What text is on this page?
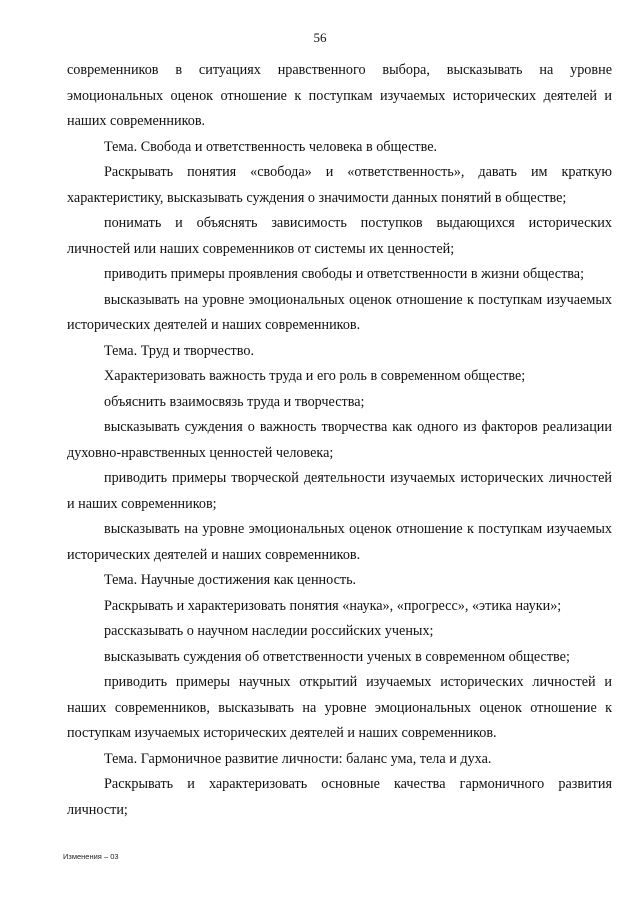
56

современников в ситуациях нравственного выбора, высказывать на уровне эмоциональных оценок отношение к поступкам изучаемых исторических деятелей и наших современников.

Тема. Свобода и ответственность человека в обществе.

Раскрывать понятия «свобода» и «ответственность», давать им краткую характеристику, высказывать суждения о значимости данных понятий в обществе;

понимать и объяснять зависимость поступков выдающихся исторических личностей или наших современников от системы их ценностей;

приводить примеры проявления свободы и ответственности в жизни общества;

высказывать на уровне эмоциональных оценок отношение к поступкам изучаемых исторических деятелей и наших современников.

Тема. Труд и творчество.

Характеризовать важность труда и его роль в современном обществе;

объяснить взаимосвязь труда и творчества;

высказывать суждения о важность творчества как одного из факторов реализации духовно-нравственных ценностей человека;

приводить примеры творческой деятельности изучаемых исторических личностей и наших современников;

высказывать на уровне эмоциональных оценок отношение к поступкам изучаемых исторических деятелей и наших современников.

Тема. Научные достижения как ценность.

Раскрывать и характеризовать понятия «наука», «прогресс», «этика науки»;

рассказывать о научном наследии российских ученых;

высказывать суждения об ответственности ученых в современном обществе;

приводить примеры научных открытий изучаемых исторических личностей и наших современников, высказывать на уровне эмоциональных оценок отношение к поступкам изучаемых исторических деятелей и наших современников.

Тема. Гармоничное развитие личности: баланс ума, тела и духа.

Раскрывать и характеризовать основные качества гармоничного развития личности;

Изменения – 03
